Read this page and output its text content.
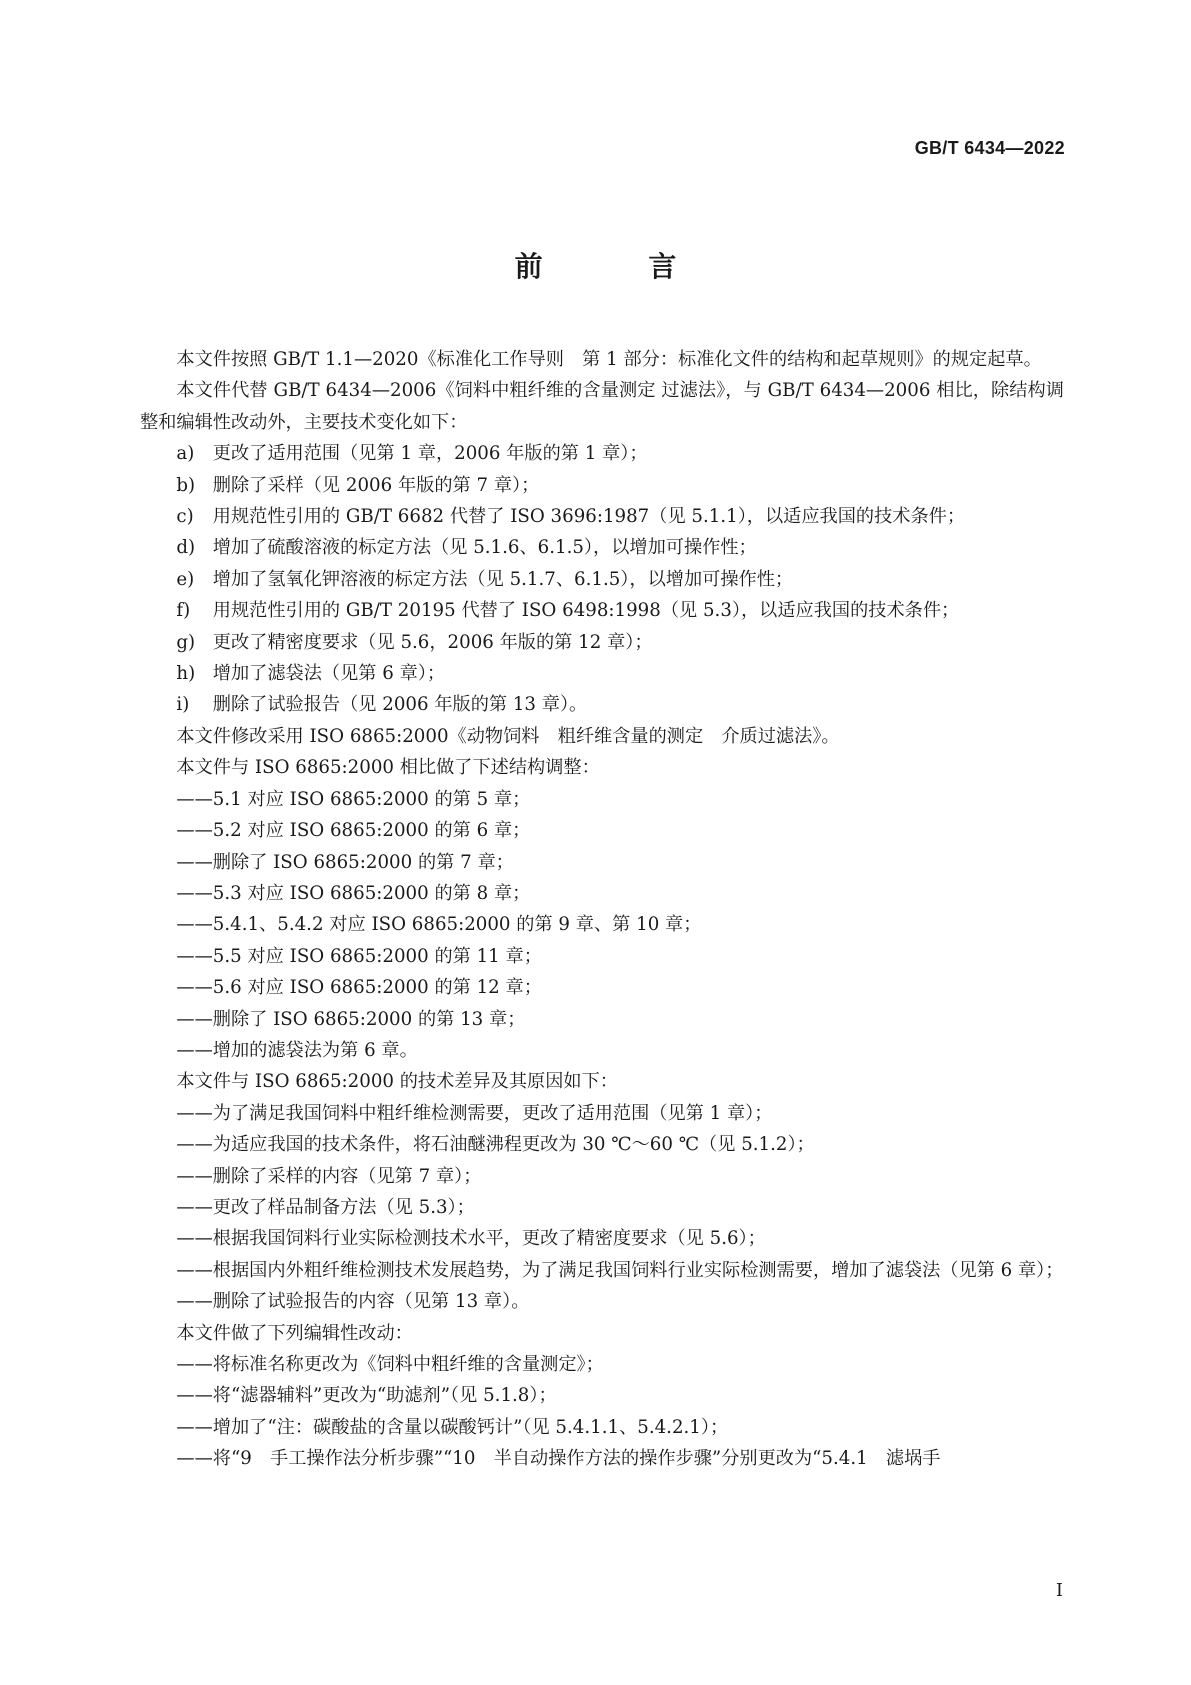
GB/T 6434—2022
前 言

本文件按照 GB/T 1.1—2020《标准化工作导则　第 1 部分：标准化文件的结构和起草规则》的规定起草。

本文件代替 GB/T 6434—2006《饲料中粗纤维的含量测定 过滤法》，与 GB/T 6434—2006 相比，除结构调整和编辑性改动外，主要技术变化如下：

a) 更改了适用范围（见第 1 章，2006 年版的第 1 章）；

b) 删除了采样（见 2006 年版的第 7 章）；

c) 用规范性引用的 GB/T 6682 代替了 ISO 3696:1987（见 5.1.1），以适应我国的技术条件；

d) 增加了硫酸溶液的标定方法（见 5.1.6、6.1.5），以增加可操作性；

e) 增加了氢氧化钾溶液的标定方法（见 5.1.7、6.1.5），以增加可操作性；

f) 用规范性引用的 GB/T 20195 代替了 ISO 6498:1998（见 5.3），以适应我国的技术条件；

g) 更改了精密度要求（见 5.6，2006 年版的第 12 章）；

h) 增加了滤袋法（见第 6 章）；

i) 删除了试验报告（见 2006 年版的第 13 章）。

本文件修改采用 ISO 6865:2000《动物饲料　粗纤维含量的测定　介质过滤法》。

本文件与 ISO 6865:2000 相比做了下述结构调整：

—— 5.1 对应 ISO 6865:2000 的第 5 章；

—— 5.2 对应 ISO 6865:2000 的第 6 章；

—— 删除了 ISO 6865:2000 的第 7 章；

—— 5.3 对应 ISO 6865:2000 的第 8 章；

—— 5.4.1、5.4.2 对应 ISO 6865:2000 的第 9 章、第 10 章；

—— 5.5 对应 ISO 6865:2000 的第 11 章；

—— 5.6 对应 ISO 6865:2000 的第 12 章；

—— 删除了 ISO 6865:2000 的第 13 章；

—— 增加的滤袋法为第 6 章。

本文件与 ISO 6865:2000 的技术差异及其原因如下：

—— 为了满足我国饲料中粗纤维检测需要，更改了适用范围（见第 1 章）；

—— 为适应我国的技术条件，将石油醚沸程更改为 30 ℃～60 ℃（见 5.1.2）；

—— 删除了采样的内容（见第 7 章）；

—— 更改了样品制备方法（见 5.3）；

—— 根据我国饲料行业实际检测技术水平，更改了精密度要求（见 5.6）；

—— 根据国内外粗纤维检测技术发展趋势，为了满足我国饲料行业实际检测需要，增加了滤袋法（见第 6 章）；

—— 删除了试验报告的内容（见第 13 章）。

本文件做了下列编辑性改动：

—— 将标准名称更改为《饲料中粗纤维的含量测定》；

—— 将“滤器辅料”更改为“助滤剂”（见 5.1.8）；

—— 增加了“注：碳酸盐的含量以碳酸钙计”（见 5.4.1.1、5.4.2.1）；

—— 将“9　手工操作法分析步骤”“10　半自动操作方法的操作步骤”分别更改为“5.4.1　滤埚手

I
